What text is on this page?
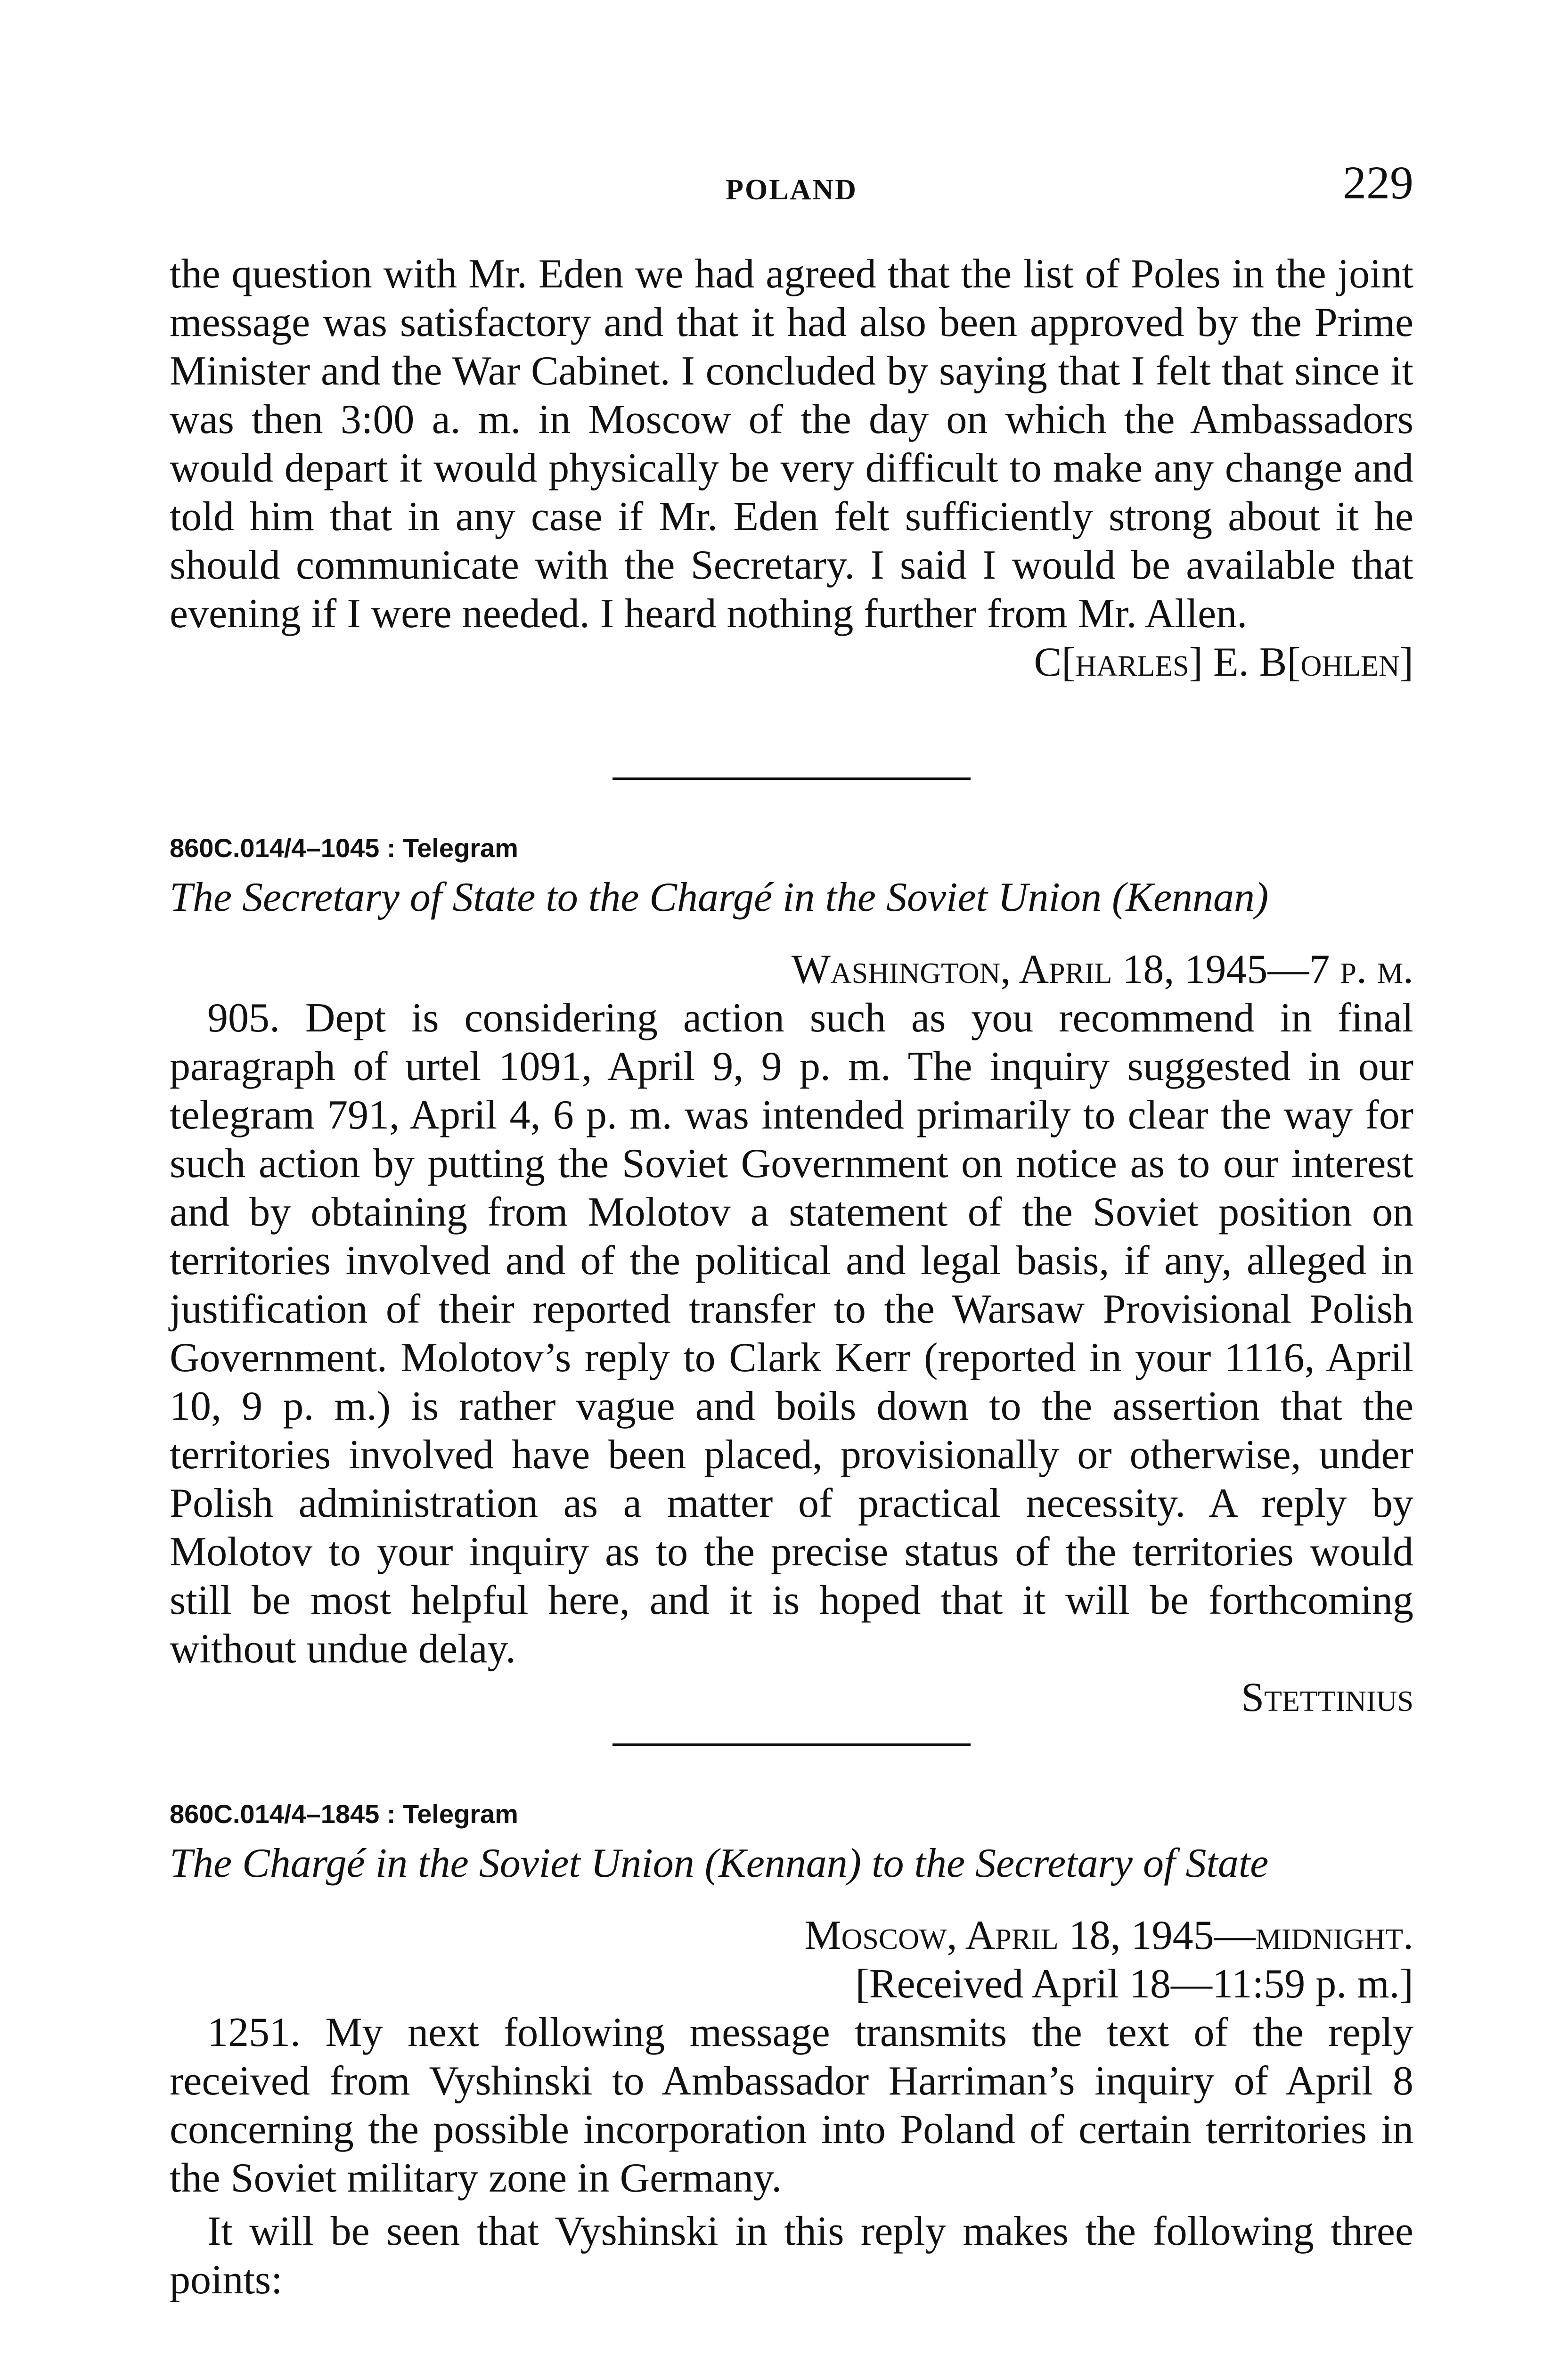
POLAND	229

the question with Mr. Eden we had agreed that the list of Poles in the joint message was satisfactory and that it had also been approved by the Prime Minister and the War Cabinet. I concluded by saying that I felt that since it was then 3:00 a. m. in Moscow of the day on which the Ambassadors would depart it would physically be very difficult to make any change and told him that in any case if Mr. Eden felt sufficiently strong about it he should communicate with the Secretary. I said I would be available that evening if I were needed. I heard nothing further from Mr. Allen.

C[harles] E. B[ohlen]

860C.014/4–1045 : Telegram

The Secretary of State to the Chargé in the Soviet Union (Kennan)

Washington, April 18, 1945—7 p. m.

905. Dept is considering action such as you recommend in final paragraph of urtel 1091, April 9, 9 p. m. The inquiry suggested in our telegram 791, April 4, 6 p. m. was intended primarily to clear the way for such action by putting the Soviet Government on notice as to our interest and by obtaining from Molotov a statement of the Soviet position on territories involved and of the political and legal basis, if any, alleged in justification of their reported transfer to the Warsaw Provisional Polish Government. Molotov’s reply to Clark Kerr (reported in your 1116, April 10, 9 p. m.) is rather vague and boils down to the assertion that the territories involved have been placed, provisionally or otherwise, under Polish administration as a matter of practical necessity. A reply by Molotov to your inquiry as to the precise status of the territories would still be most helpful here, and it is hoped that it will be forthcoming without undue delay.

Stettinius

860C.014/4–1845 : Telegram

The Chargé in the Soviet Union (Kennan) to the Secretary of State

Moscow, April 18, 1945—midnight.

[Received April 18—11:59 p. m.]

1251. My next following message transmits the text of the reply received from Vyshinski to Ambassador Harriman’s inquiry of April 8 concerning the possible incorporation into Poland of certain territories in the Soviet military zone in Germany.

It will be seen that Vyshinski in this reply makes the following three points:
